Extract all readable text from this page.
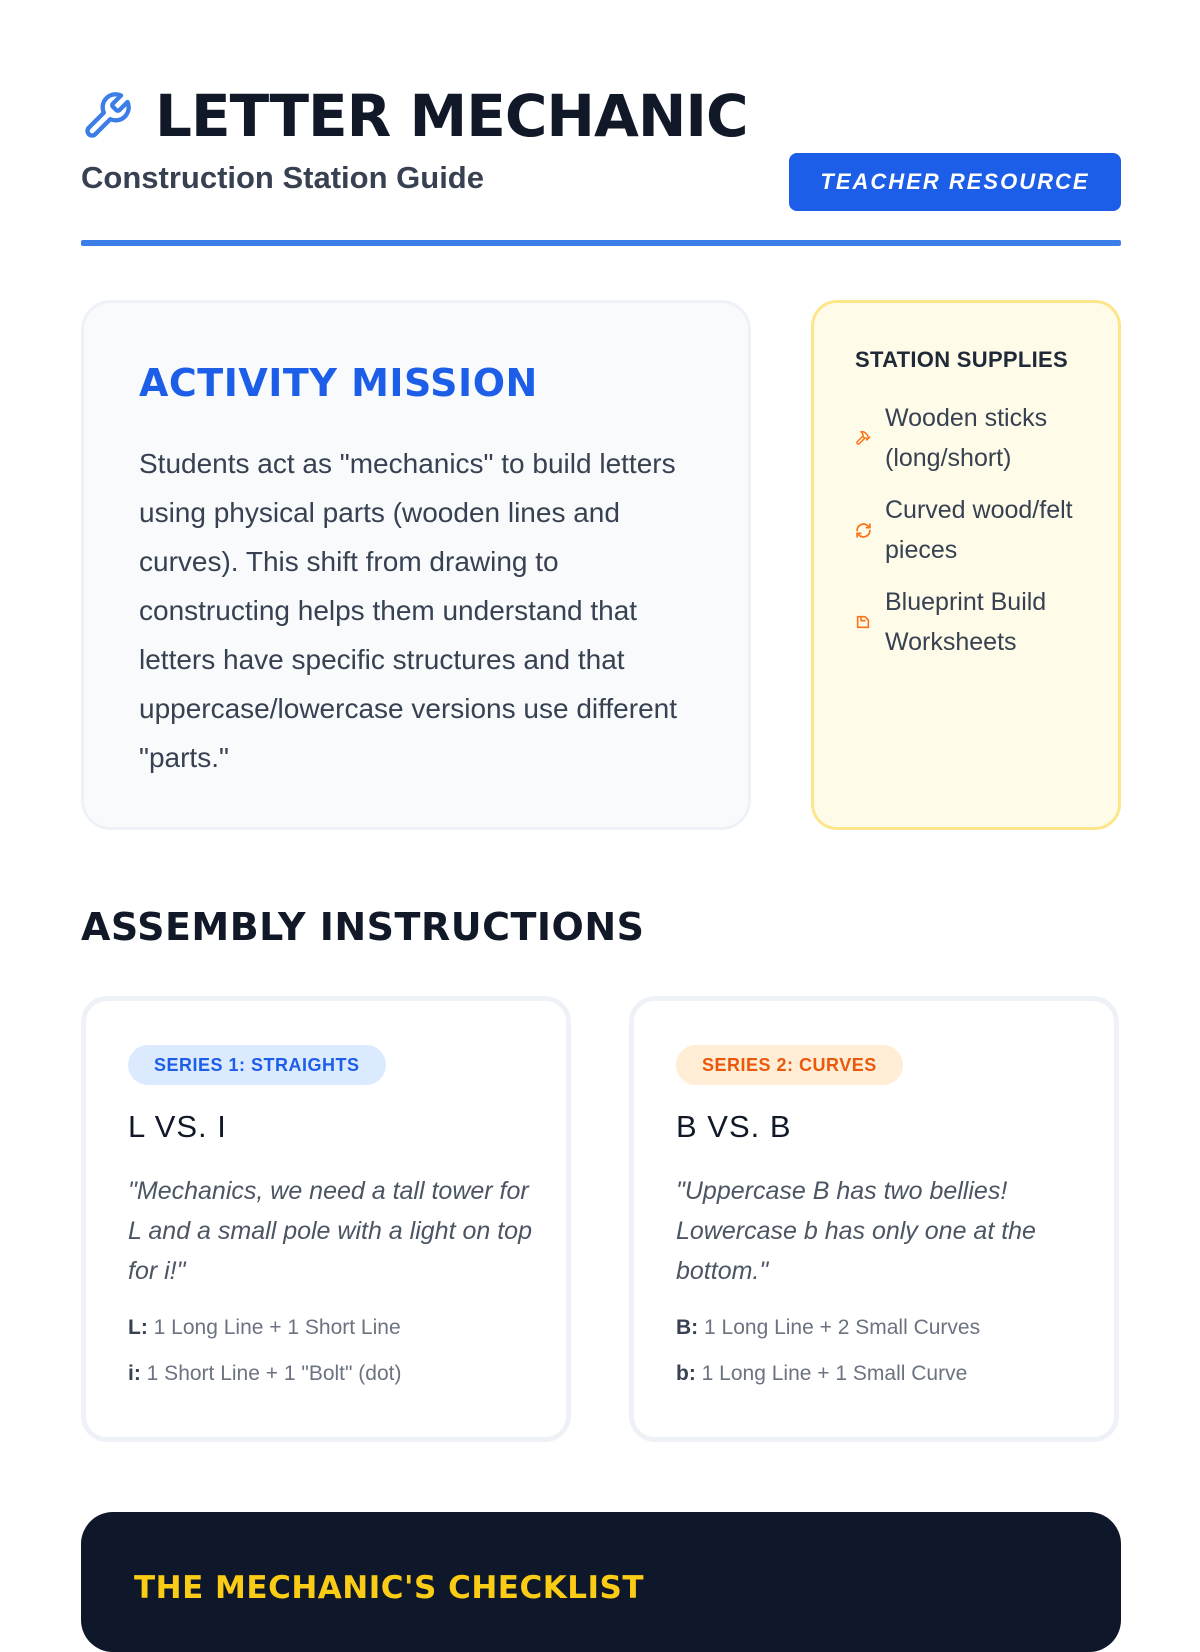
LETTER MECHANIC
Construction Station Guide	TEACHER RESOURCE
ACTIVITY MISSION
Students act as "mechanics" to build letters using physical parts (wooden lines and curves). This shift from drawing to constructing helps them understand that letters have specific structures and that uppercase/lowercase versions use different "parts."
STATION SUPPLIES
Wooden sticks (long/short)
Curved wood/felt pieces
Blueprint Build Worksheets
ASSEMBLY INSTRUCTIONS
SERIES 1: STRAIGHTS
L VS. I
"Mechanics, we need a tall tower for L and a small pole with a light on top for i!"
L: 1 Long Line + 1 Short Line
i: 1 Short Line + 1 "Bolt" (dot)
SERIES 2: CURVES
B VS. B
"Uppercase B has two bellies! Lowercase b has only one at the bottom."
B: 1 Long Line + 2 Small Curves
b: 1 Long Line + 1 Small Curve
THE MECHANIC'S CHECKLIST
